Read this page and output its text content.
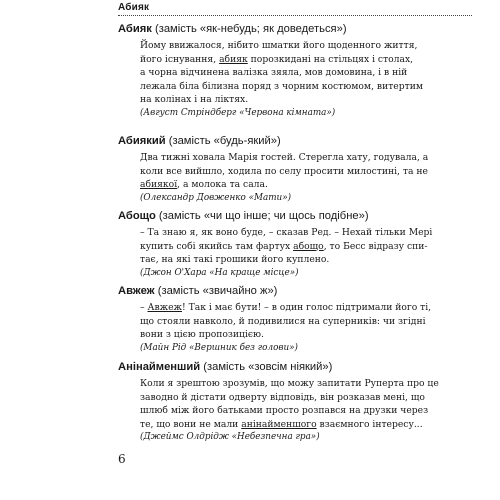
Абияк
Абияк (замість «як-небудь; як доведеться»)
Йому ввижалося, нібито шматки його щоденного життя,
його існування, абияк порозкидані на стільцях і столах,
а чорна відчинена валізка зяяла, мов домовина, і в ній
лежала біла білизна поряд з чорним костюмом, витертим
на колінах і на ліктях.
(Август Стріндберг «Червона кімната»)
Абиякий (замість «будь-який»)
Два тижні ховала Марія гостей. Стерегла хату, годувала, а
коли все вийшло, ходила по селу просити милостині, та не
абиякої, а молока та сала.
(Олександр Довженко «Мати»)
Абощо (замість «чи що інше; чи щось подібне»)
– Та знаю я, як воно буде, – сказав Ред. – Нехай тільки Мері
купить собі якийсь там фартух абощо, то Бесс відразу спи-
тає, на які такі грошики його куплено.
(Джон О'Хара «На краще місце»)
Авжеж (замість «звичайно ж»)
– Авжеж! Так і має бути! – в один голос підтримали його ті,
що стояли навколо, й подивилися на суперників: чи згідні
вони з цією пропозицією.
(Майн Рід «Вершник без голови»)
Анінайменший (замість «зовсім ніякий»)
Коли я зрештою зрозумів, що можу запитати Руперта про це
заводно й дістати одверту відповідь, він розказав мені, що
шлюб між його батьками просто розпався на друзки через
те, що вони не мали анінайменшого взаємного інтересу...
(Джеймс Олдрідж «Небезпечна гра»)
6
